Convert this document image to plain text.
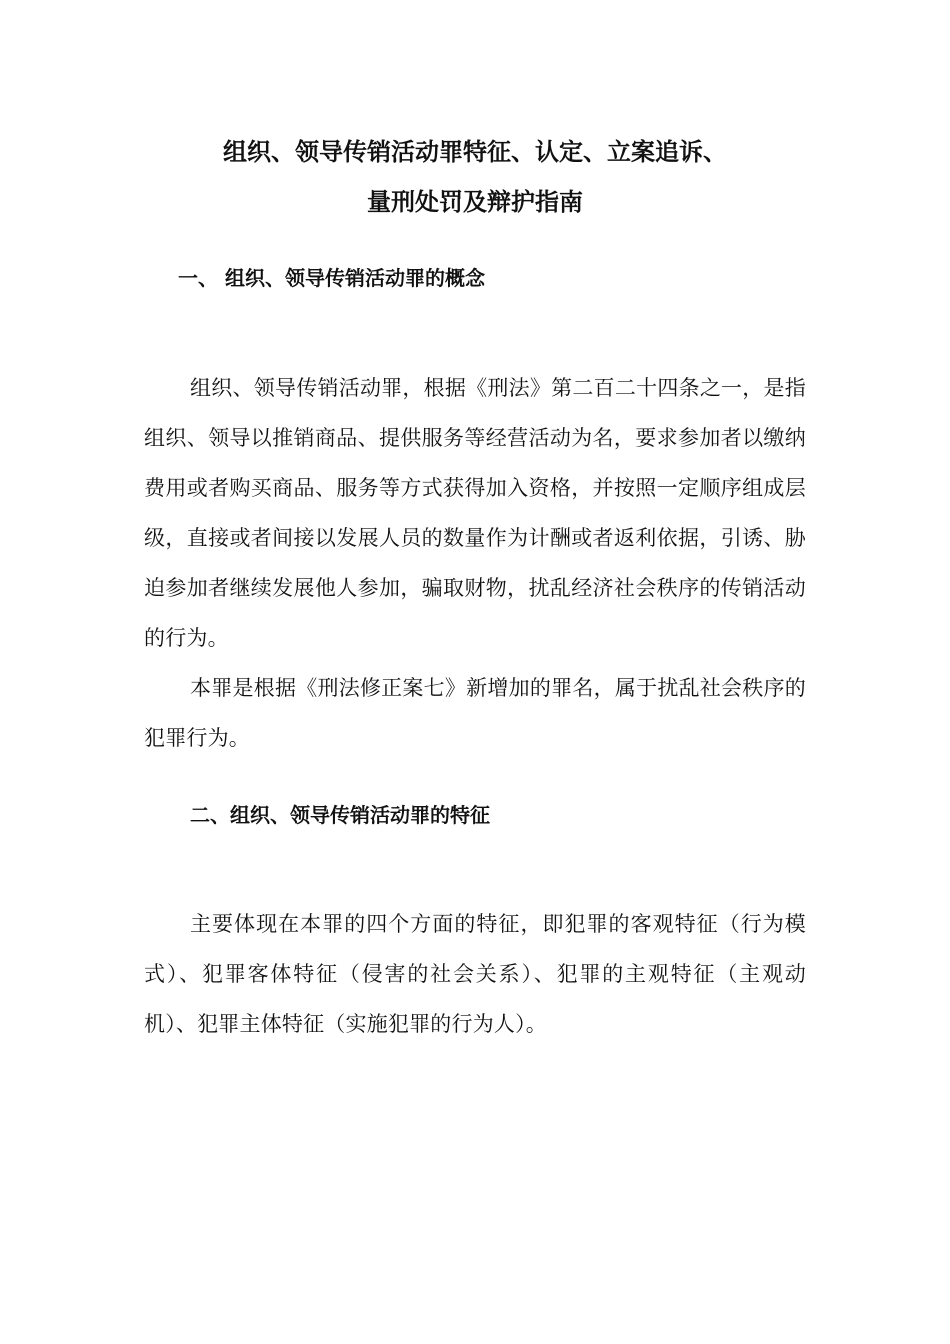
组织、领导传销活动罪特征、认定、立案追诉、
量刑处罚及辩护指南
一、 组织、领导传销活动罪的概念

组织、领导传销活动罪，根据《刑法》第二百二十四条之一，是指组织、领导以推销商品、提供服务等经营活动为名，要求参加者以缴纳费用或者购买商品、服务等方式获得加入资格，并按照一定顺序组成层级，直接或者间接以发展人员的数量作为计酬或者返利依据，引诱、胁迫参加者继续发展他人参加，骗取财物，扰乱经济社会秩序的传销活动的行为。

本罪是根据《刑法修正案七》新增加的罪名，属于扰乱社会秩序的犯罪行为。

二、组织、领导传销活动罪的特征

主要体现在本罪的四个方面的特征，即犯罪的客观特征（行为模式）、犯罪客体特征（侵害的社会关系）、犯罪的主观特征（主观动机）、犯罪主体特征（实施犯罪的行为人）。
